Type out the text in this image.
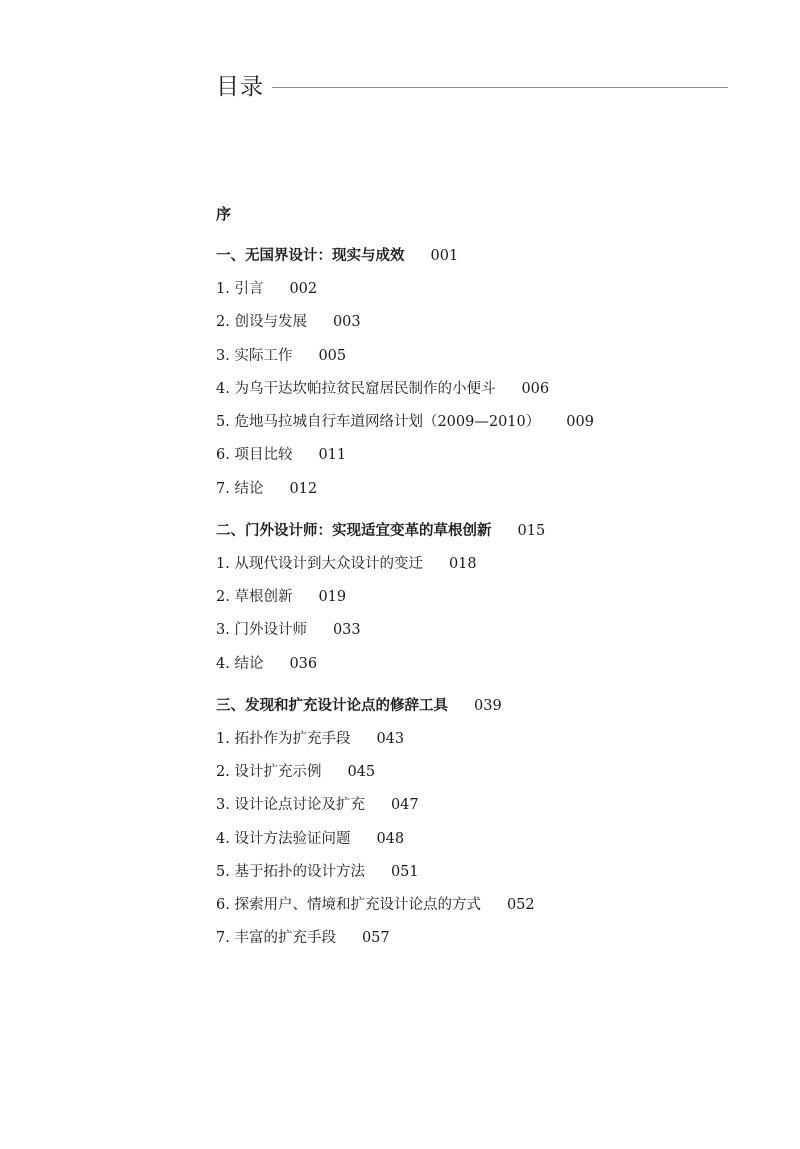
目录
序
一、无国界设计：现实与成效 001
1. 引言 002
2. 创设与发展 003
3. 实际工作 005
4. 为乌干达坎帕拉贫民窟居民制作的小便斗 006
5. 危地马拉城自行车道网络计划（2009—2010） 009
6. 项目比较 011
7. 结论 012
二、门外设计师：实现适宜变革的草根创新 015
1. 从现代设计到大众设计的变迁 018
2. 草根创新 019
3. 门外设计师 033
4. 结论 036
三、发现和扩充设计论点的修辞工具 039
1. 拓扑作为扩充手段 043
2. 设计扩充示例 045
3. 设计论点讨论及扩充 047
4. 设计方法验证问题 048
5. 基于拓扑的设计方法 051
6. 探索用户、情境和扩充设计论点的方式 052
7. 丰富的扩充手段 057
